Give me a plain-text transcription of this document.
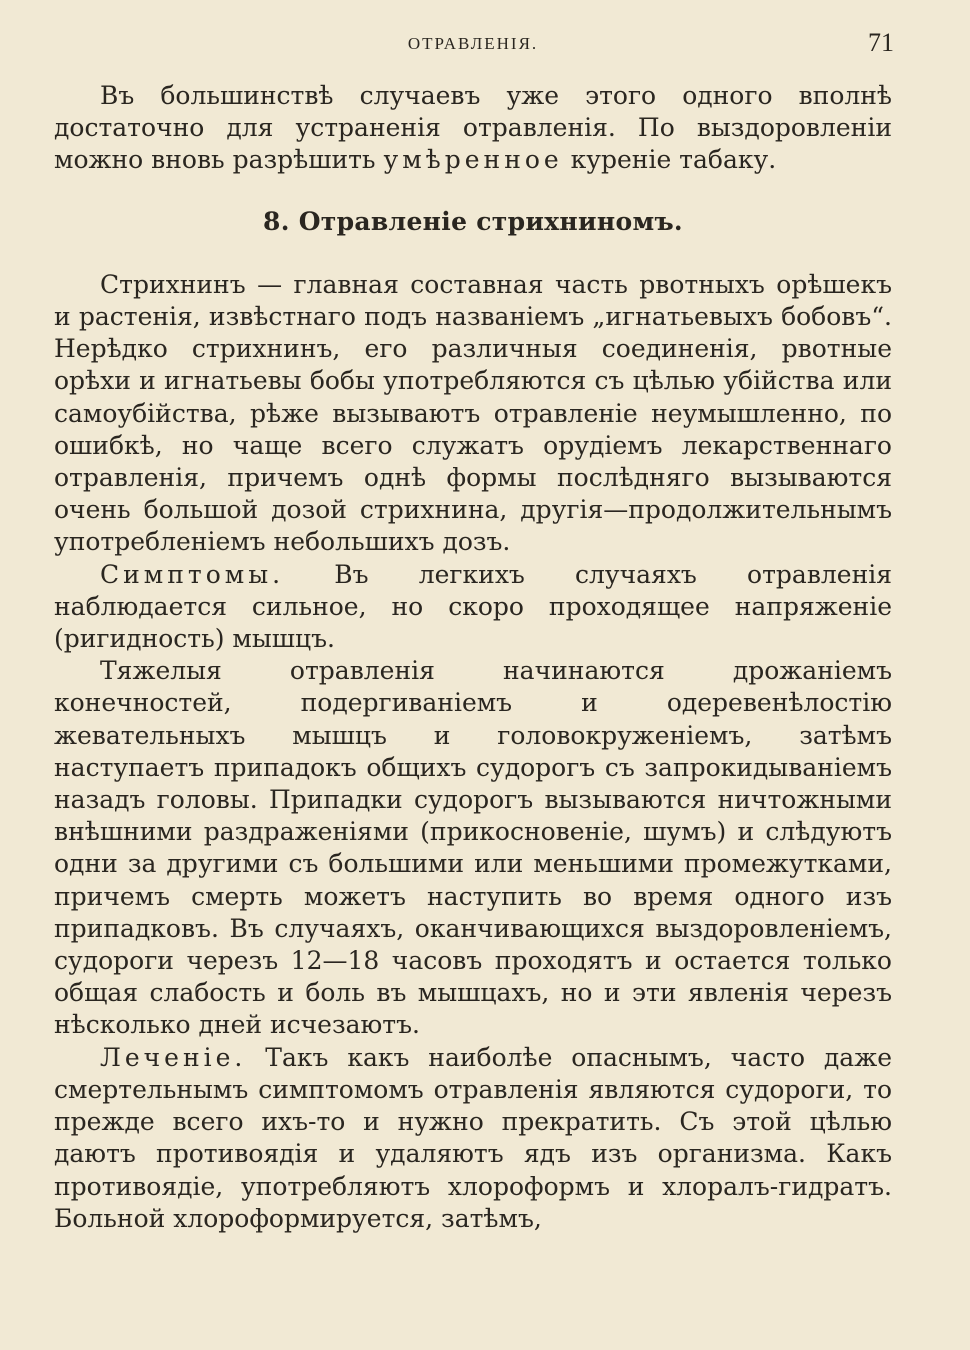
ОТРАВЛЕНІЯ.	71

Въ большинствѣ случаевъ уже этого одного вполнѣ достаточно для устраненія отравленія. По выздоровленіи можно вновь разрѣшить умѣренное куреніе табаку.

8. Отравленіе стрихниномъ.

Стрихнинъ — главная составная часть рвотныхъ орѣшекъ и растенія, извѣстнаго подъ названіемъ „игнатьевыхъ бобовъ“. Нерѣдко стрихнинъ, его различныя соединенія, рвотные орѣхи и игнатьевы бобы употребляются съ цѣлью убійства или самоубійства, рѣже вызываютъ отравленіе неумышленно, по ошибкѣ, но чаще всего служатъ орудіемъ лекарственнаго отравленія, причемъ однѣ формы послѣдняго вызываются очень большой дозой стрихнина, другія—продолжительнымъ употребленіемъ небольшихъ дозъ.

Симптомы. Въ легкихъ случаяхъ отравленія наблюдается сильное, но скоро проходящее напряженіе (ригидность) мышцъ.

Тяжелыя отравленія начинаются дрожаніемъ конечностей, подергиваніемъ и одеревенѣлостію жевательныхъ мышцъ и головокруженіемъ, затѣмъ наступаетъ припадокъ общихъ судорогъ съ запрокидываніемъ назадъ головы. Припадки судорогъ вызываются ничтожными внѣшними раздраженіями (прикосновеніе, шумъ) и слѣдуютъ одни за другими съ большими или меньшими промежутками, причемъ смерть можетъ наступить во время одного изъ припадковъ. Въ случаяхъ, оканчивающихся выздоровленіемъ, судороги черезъ 12—18 часовъ проходятъ и остается только общая слабость и боль въ мышцахъ, но и эти явленія черезъ нѣсколько дней исчезаютъ.

Леченіе. Такъ какъ наиболѣе опаснымъ, часто даже смертельнымъ симптомомъ отравленія являются судороги, то прежде всего ихъ-то и нужно прекратить. Съ этой цѣлью даютъ противоядія и удаляютъ ядъ изъ организма. Какъ противоядіе, употребляютъ хлороформъ и хлоралъ-гидратъ. Больной хлороформируется, затѣмъ,
